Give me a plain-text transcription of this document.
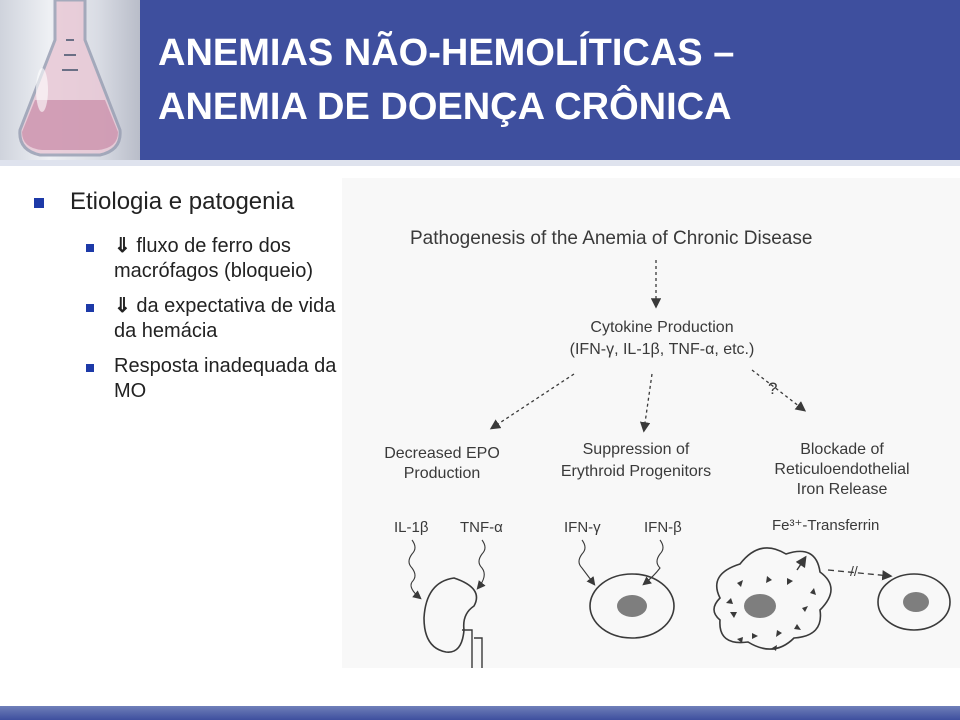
ANEMIAS NÃO-HEMOLÍTICAS –
ANEMIA DE DOENÇA CRÔNICA
Etiologia e patogenia
⇓ fluxo de ferro dos macrófagos (bloqueio)
⇓ da expectativa de vida da hemácia
Resposta inadequada da MO
Pathogenesis of the Anemia of Chronic Disease
Cytokine Production
(IFN-γ, IL-1β, TNF-α, etc.)
?
Decreased EPO
Production
Suppression of
Erythroid Progenitors
Blockade of
Reticuloendothelial
Iron Release
IL-1β TNF-α	IFN-γ	IFN-β	Fe³⁺-Transferrin
//
